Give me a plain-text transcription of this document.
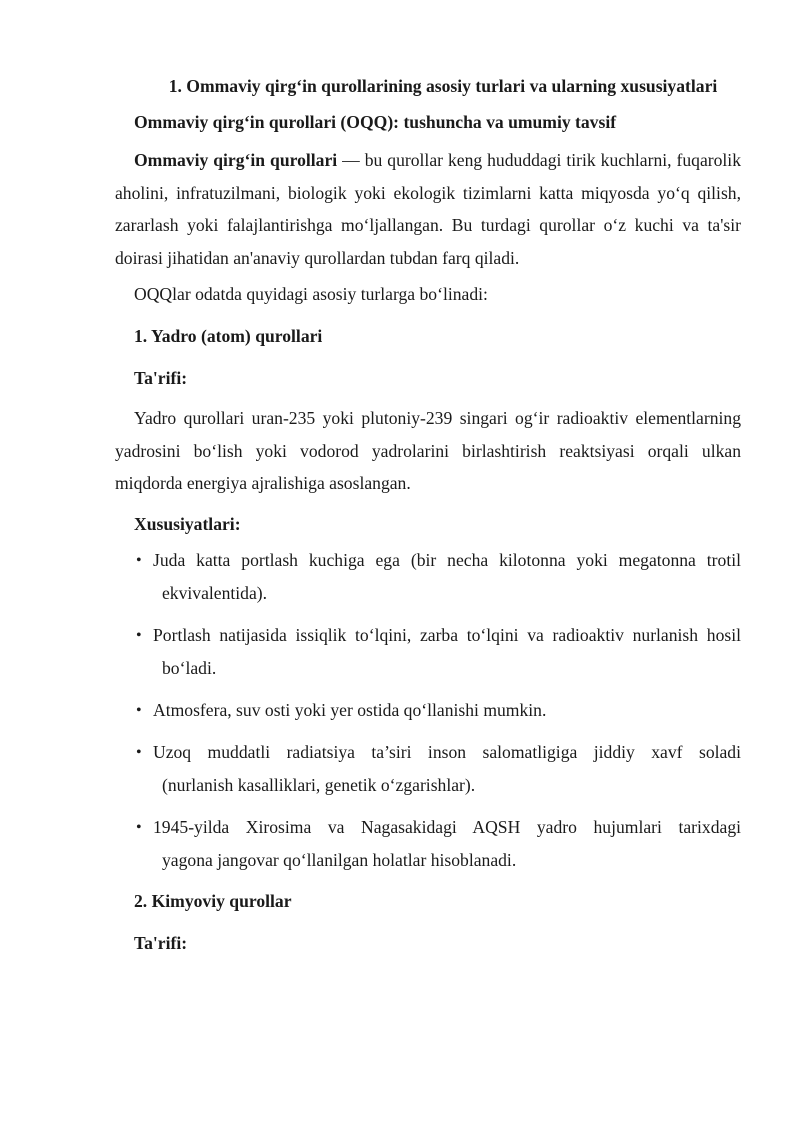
1. Ommaviy qirg‘in qurollarining asosiy turlari va ularning xususiyatlari
Ommaviy qirg‘in qurollari (OQQ): tushuncha va umumiy tavsif

Ommaviy qirg‘in qurollari — bu qurollar keng hududdagi tirik kuchlarni, fuqarolik aholini, infratuzilmani, biologik yoki ekologik tizimlarni katta miqyosda yo‘q qilish, zararlash yoki falajlantirishga mo‘ljallangan. Bu turdagi qurollar o‘z kuchi va ta'sir doirasi jihatidan an'anaviy qurollardan tubdan farq qiladi.

OQQlar odatda quyidagi asosiy turlarga bo‘linadi:
1. Yadro (atom) qurollari
Ta'rifi:

Yadro qurollari uran-235 yoki plutoniy-239 singari og‘ir radioaktiv elementlarning yadrosini bo‘lish yoki vodorod yadrolarini birlashtirish reaktsiyasi orqali ulkan miqdorda energiya ajralishiga asoslangan.

Xususiyatlari:
• Juda katta portlash kuchiga ega (bir necha kilotonna yoki megatonna trotil
ekvivalentida).
• Portlash natijasida issiqlik to‘lqini, zarba to‘lqini va radioaktiv nurlanish hosil
bo‘ladi.
• Atmosfera, suv osti yoki yer ostida qo‘llanishi mumkin.
• Uzoq muddatli radiatsiya ta’siri inson salomatligiga jiddiy xavf soladi
(nurlanish kasalliklari, genetik o‘zgarishlar).
• 1945-yilda Xirosima va Nagasakidagi AQSH yadro hujumlari tarixdagi
yagona jangovar qo‘llanilgan holatlar hisoblanadi.
2. Kimyoviy qurollar
Ta'rifi:
